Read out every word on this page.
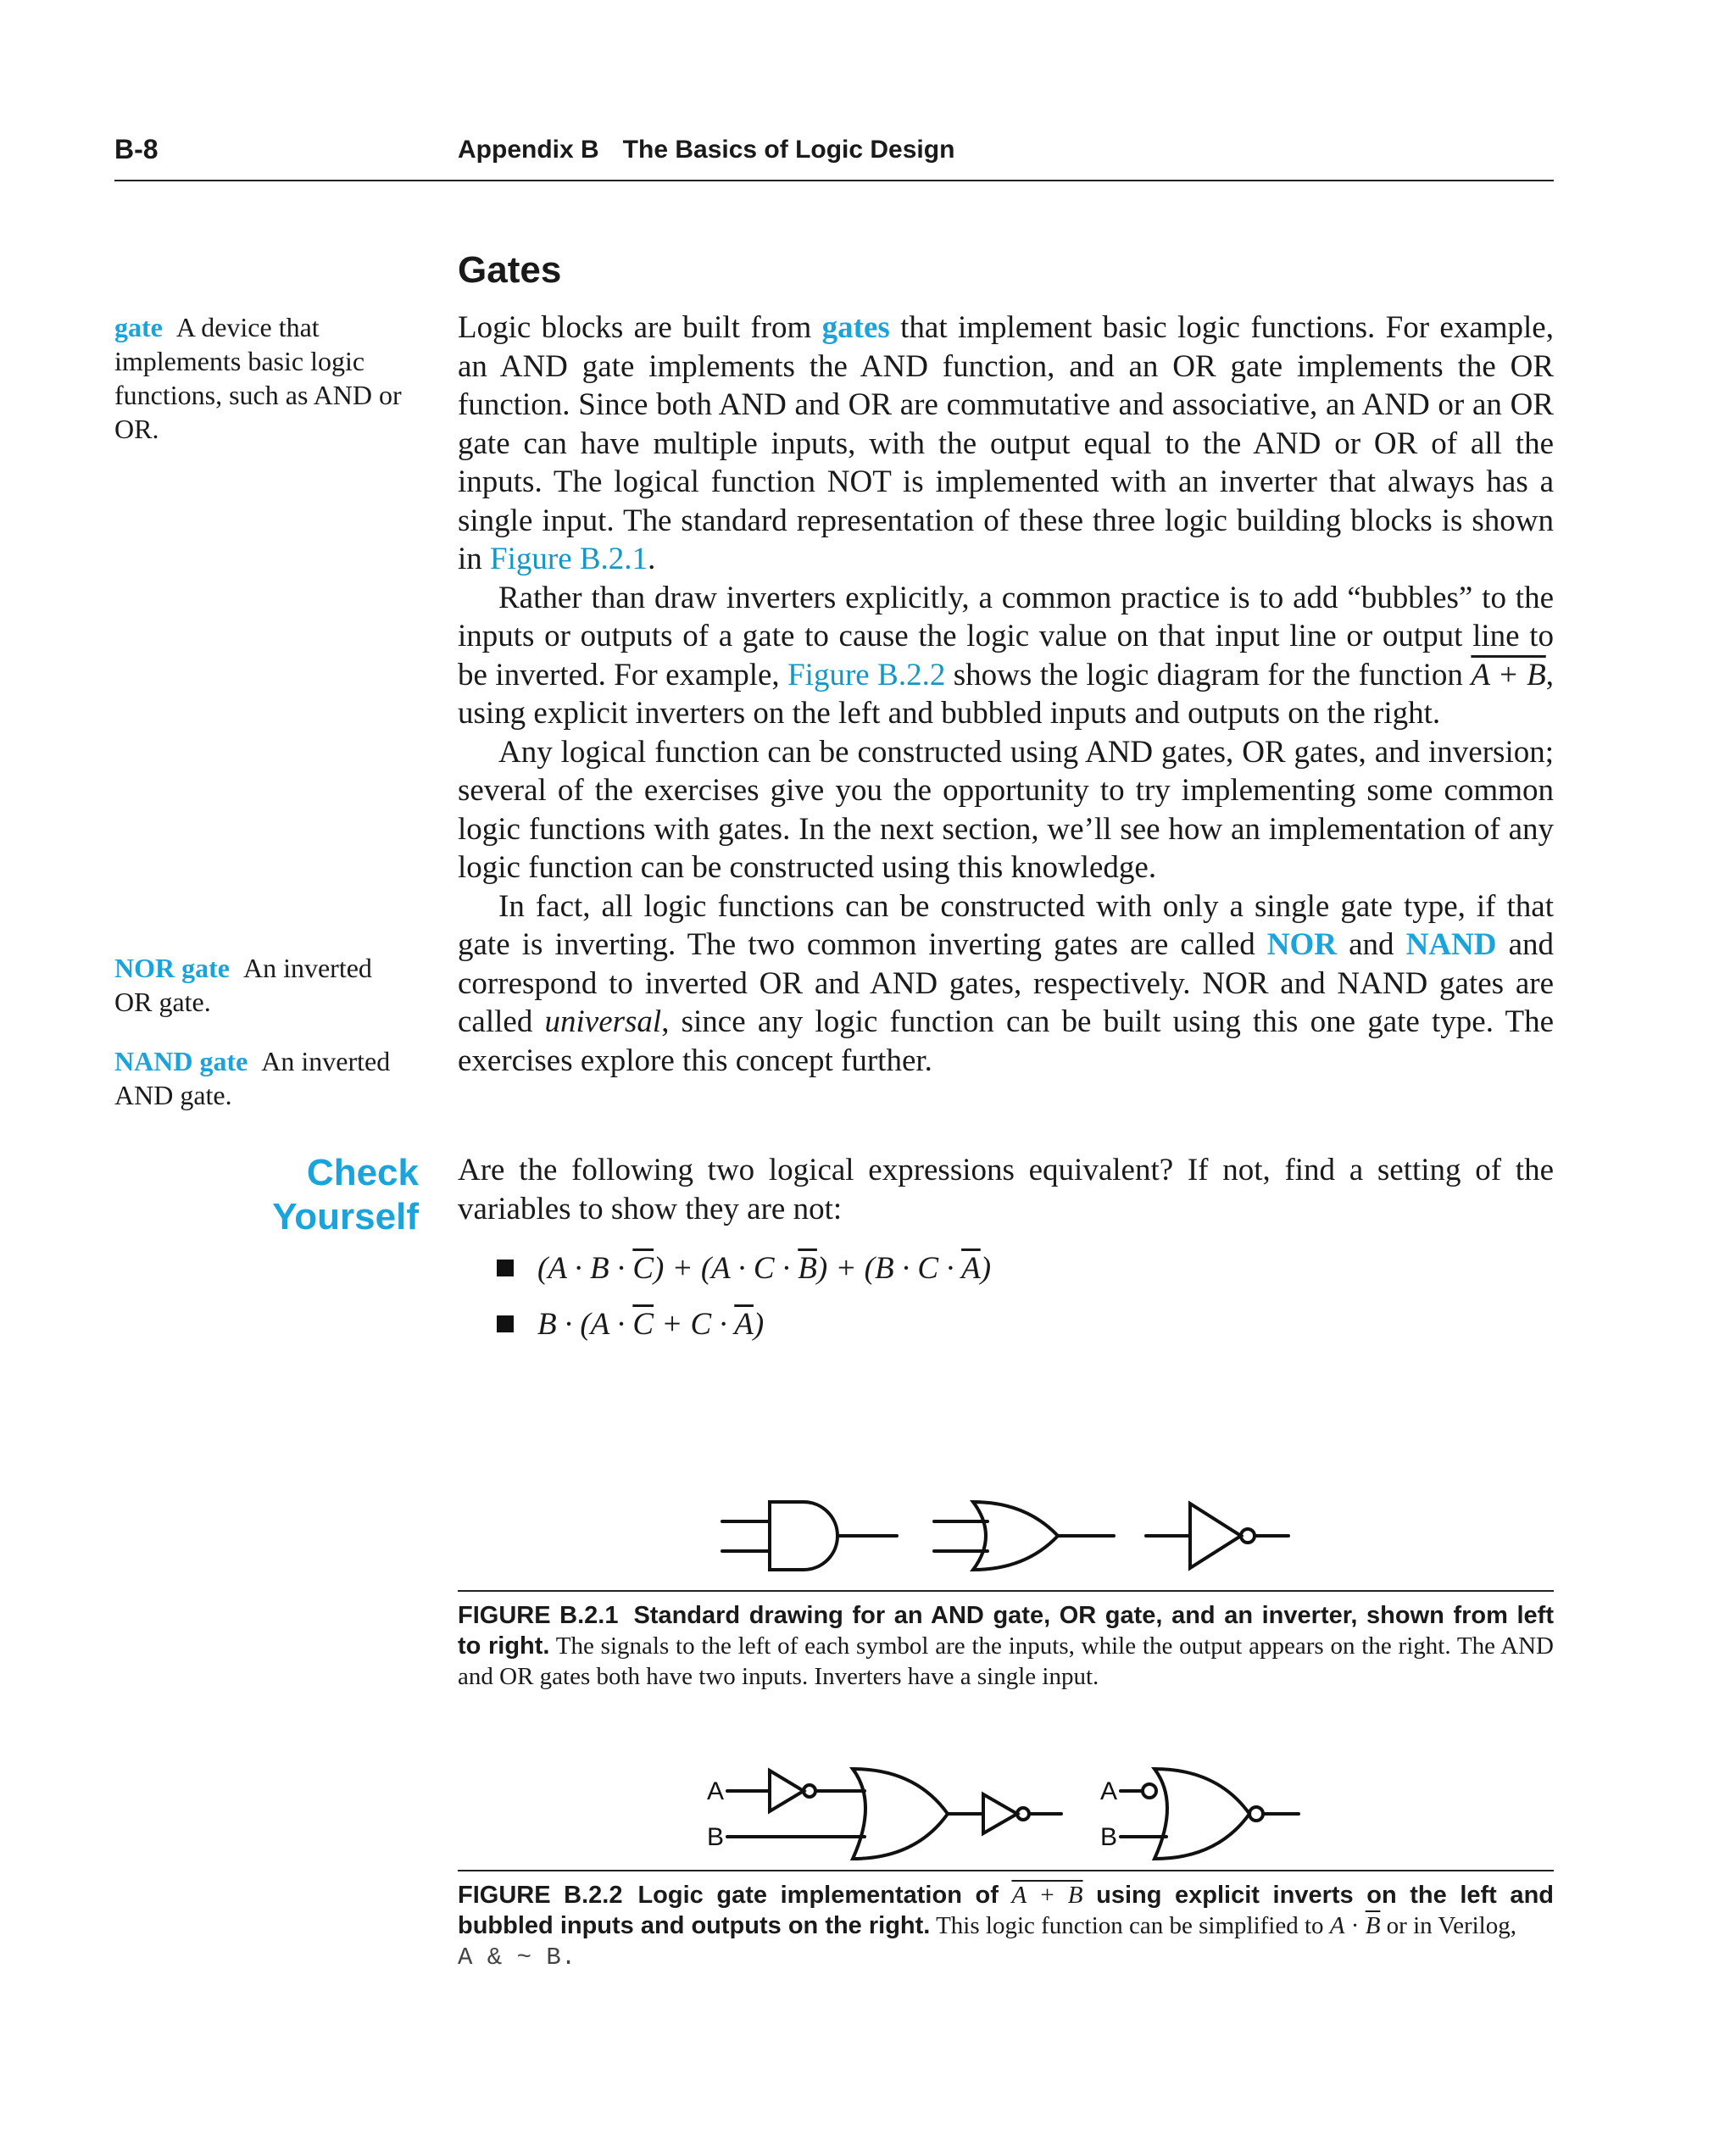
B-8	Appendix B The Basics of Logic Design
Gates
gate A device that implements basic logic functions, such as AND or OR.
NOR gate An inverted OR gate.
NAND gate An inverted AND gate.

Logic blocks are built from gates that implement basic logic functions. For example, an AND gate implements the AND function, and an OR gate implements the OR function. Since both AND and OR are commutative and associative, an AND or an OR gate can have multiple inputs, with the output equal to the AND or OR of all the inputs. The logical function NOT is implemented with an inverter that always has a single input. The standard representation of these three logic building blocks is shown in Figure B.2.1.

Rather than draw inverters explicitly, a common practice is to add “bubbles” to the inputs or outputs of a gate to cause the logic value on that input line or output line to be inverted. For example, Figure B.2.2 shows the logic diagram for the function A + B, using explicit inverters on the left and bubbled inputs and outputs on the right.

Any logical function can be constructed using AND gates, OR gates, and inversion; several of the exercises give you the opportunity to try implementing some common logic functions with gates. In the next section, we’ll see how an implementation of any logic function can be constructed using this knowledge.

In fact, all logic functions can be constructed with only a single gate type, if that gate is inverting. The two common inverting gates are called NOR and NAND and correspond to inverted OR and AND gates, respectively. NOR and NAND gates are called universal, since any logic function can be built using this one gate type. The exercises explore this concept further.

Check
Yourself
Are the following two logical expressions equivalent? If not, find a setting of the variables to show they are not:
$(A \cdot B \cdot \overline{C}) + (A \cdot C \cdot \overline{B}) + (B \cdot C \cdot \overline{A})$
$B \cdot (A \cdot \overline{C} + C \cdot \overline{A})$
FIGURE B.2.1 Standard drawing for an AND gate, OR gate, and an inverter, shown from left to right. The signals to the left of each symbol are the inputs, while the output appears on the right. The AND and OR gates both have two inputs. Inverters have a single input.
A
B
A
B
FIGURE B.2.2 Logic gate implementation of A + B using explicit inverts on the left and bubbled inputs and outputs on the right. This logic function can be simplified to $A \cdot \overline{B}$ or in Verilog,
A & ~ B.
